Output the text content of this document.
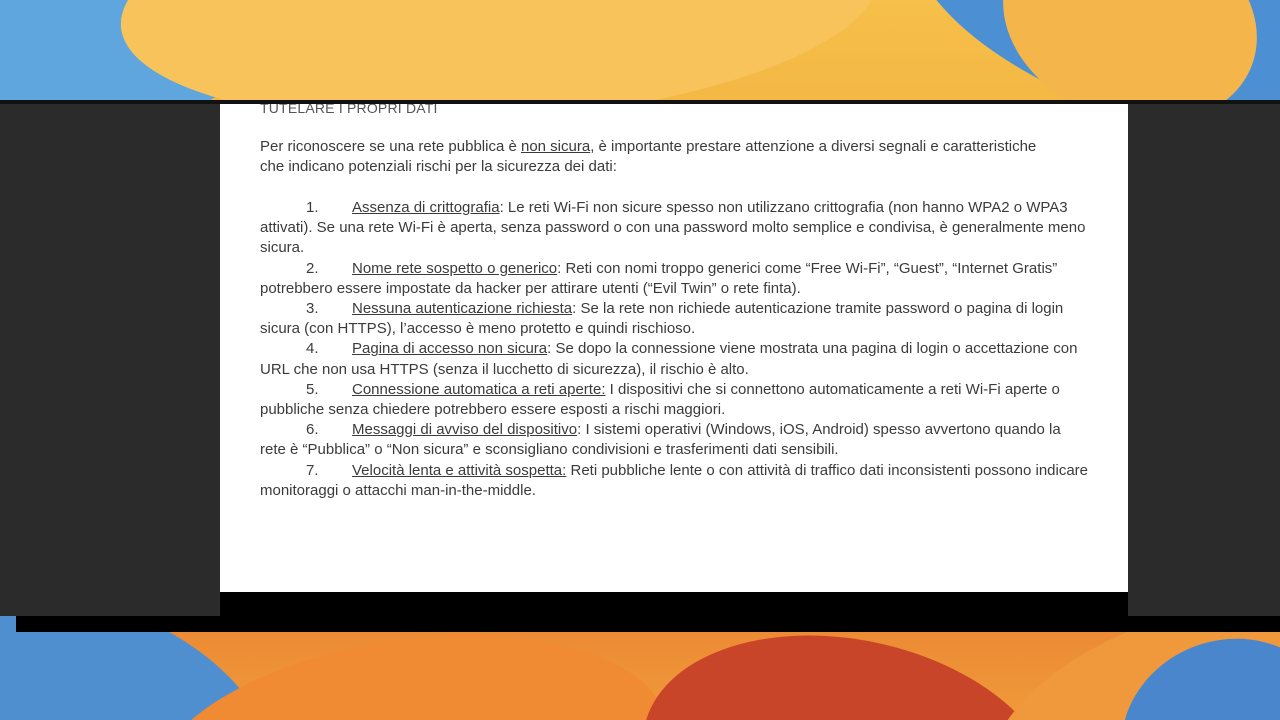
TUTELARE I PROPRI DATI
Per riconoscere se una rete pubblica è non sicura, è importante prestare attenzione a diversi segnali e caratteristiche che indicano potenziali rischi per la sicurezza dei dati:
1. Assenza di crittografia: Le reti Wi-Fi non sicure spesso non utilizzano crittografia (non hanno WPA2 o WPA3 attivati). Se una rete Wi-Fi è aperta, senza password o con una password molto semplice e condivisa, è generalmente meno sicura.
2. Nome rete sospetto o generico: Reti con nomi troppo generici come “Free Wi-Fi”, “Guest”, “Internet Gratis” potrebbero essere impostate da hacker per attirare utenti (“Evil Twin” o rete finta).
3. Nessuna autenticazione richiesta: Se la rete non richiede autenticazione tramite password o pagina di login sicura (con HTTPS), l’accesso è meno protetto e quindi rischioso.
4. Pagina di accesso non sicura: Se dopo la connessione viene mostrata una pagina di login o accettazione con URL che non usa HTTPS (senza il lucchetto di sicurezza), il rischio è alto.
5. Connessione automatica a reti aperte: I dispositivi che si connettono automaticamente a reti Wi-Fi aperte o pubbliche senza chiedere potrebbero essere esposti a rischi maggiori.
6. Messaggi di avviso del dispositivo: I sistemi operativi (Windows, iOS, Android) spesso avvertono quando la rete è “Pubblica” o “Non sicura” e sconsigliano condivisioni e trasferimenti dati sensibili.
7. Velocità lenta e attività sospetta: Reti pubbliche lente o con attività di traffico dati inconsistenti possono indicare monitoraggi o attacchi man-in-the-middle.
